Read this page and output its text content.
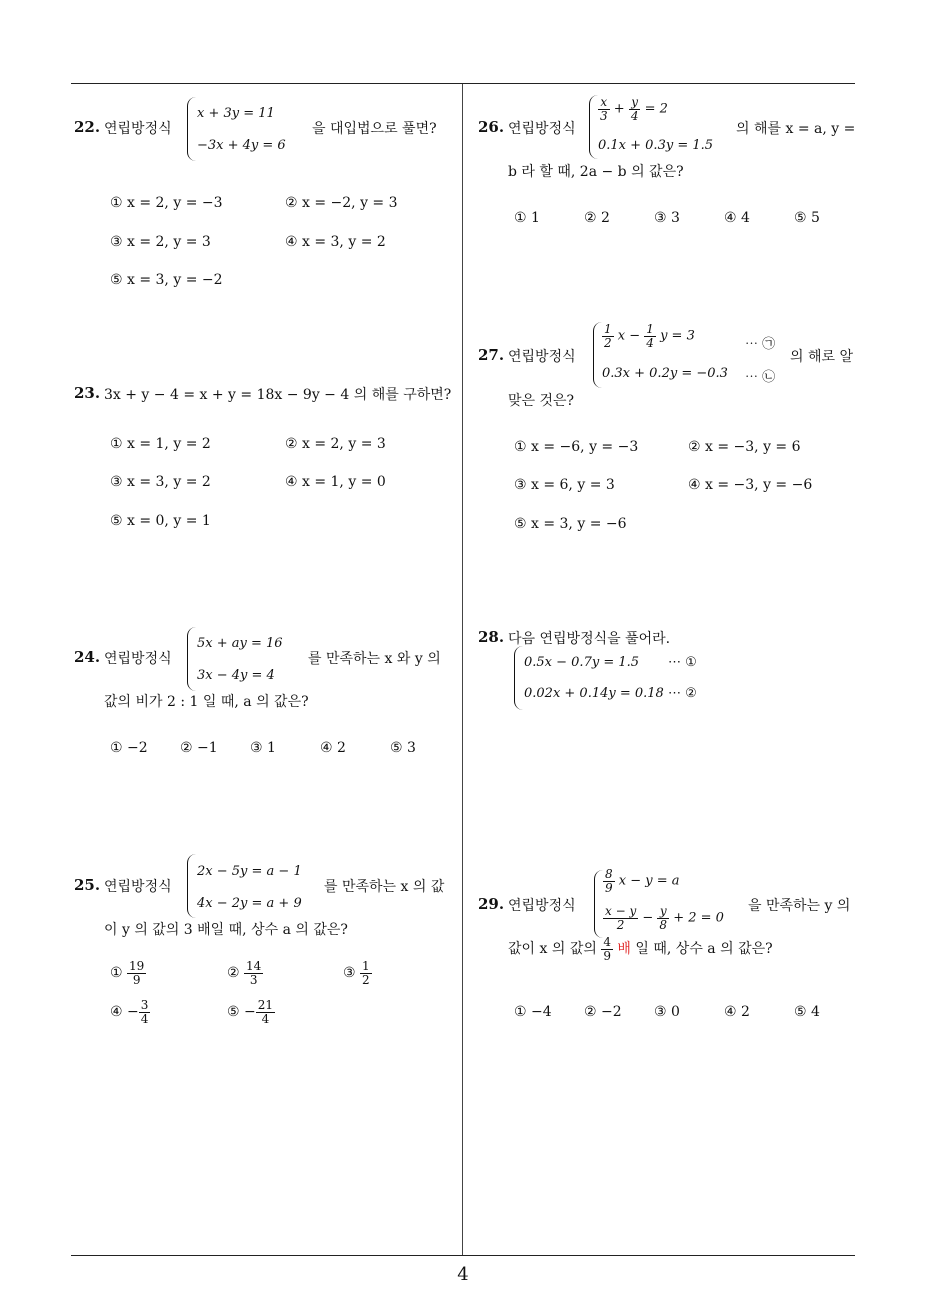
4
22. 연립방정식
x + 3y = 11
−3x + 4y = 6
을 대입법으로 풀면?
① x = 2, y = −3	② x = −2, y = 3
③ x = 2, y = 3	④ x = 3, y = 2
⑤ x = 3, y = −2
23. 3x + y − 4 = x + y = 18x − 9y − 4 의 해를 구하면?
① x = 1, y = 2	② x = 2, y = 3
③ x = 3, y = 2	④ x = 1, y = 0
⑤ x = 0, y = 1
24. 연립방정식
5x + ay = 16
3x − 4y = 4
를 만족하는 x 와 y 의
값의 비가 2 : 1 일 때, a 의 값은?
① −2 ② −1 ③ 1	④ 2	⑤ 3
25. 연립방정식
2x − 5y = a − 1
4x − 2y = a + 9
를 만족하는 x 의 값
이 y 의 값의 3 배일 때, 상수 a 의 값은?
① $\frac{19}{9}$	② $\frac{14}{3}$	③ $\frac{1}{2}$
④ − $\frac{3}{4}$	⑤ − $\frac{21}{4}$
26. 연립방정식
$\frac{x}{3} + \frac{y}{4} = 2$
0.1x + 0.3y = 1.5
의 해를 x = a, y =
b 라 할 때, 2a − b 의 값은?
① 1	② 2	③ 3	④ 4	⑤ 5
27. 연립방정식
$\frac{1}{2}$ $x - \frac{1}{4}$ y = 3
⋯ ㉠
0.3x + 0.2y = −0.3 ⋯ ㉡
의 해로 알
맞은 것은?
① x = −6, y = −3	② x = −3, y = 6
③ x = 6, y = 3	④ x = −3, y = −6
⑤ x = 3, y = −6
28. 다음 연립방정식을 풀어라.
0.5x − 0.7y = 1.5 ⋯ ①
0.02x + 0.14y = 0.18 ⋯ ②
29. 연립방정식
$\frac{8}{9}$ x − y = a
$\frac{x - y}{2} - \frac{y}{8} + 2 = 0$
을 만족하는 y 의
값이 x 의 값의 $\frac{4}{9}$ 배 일 때, 상수 a 의 값은?
① −4 ② −2 ③ 0	④ 2	⑤ 4
